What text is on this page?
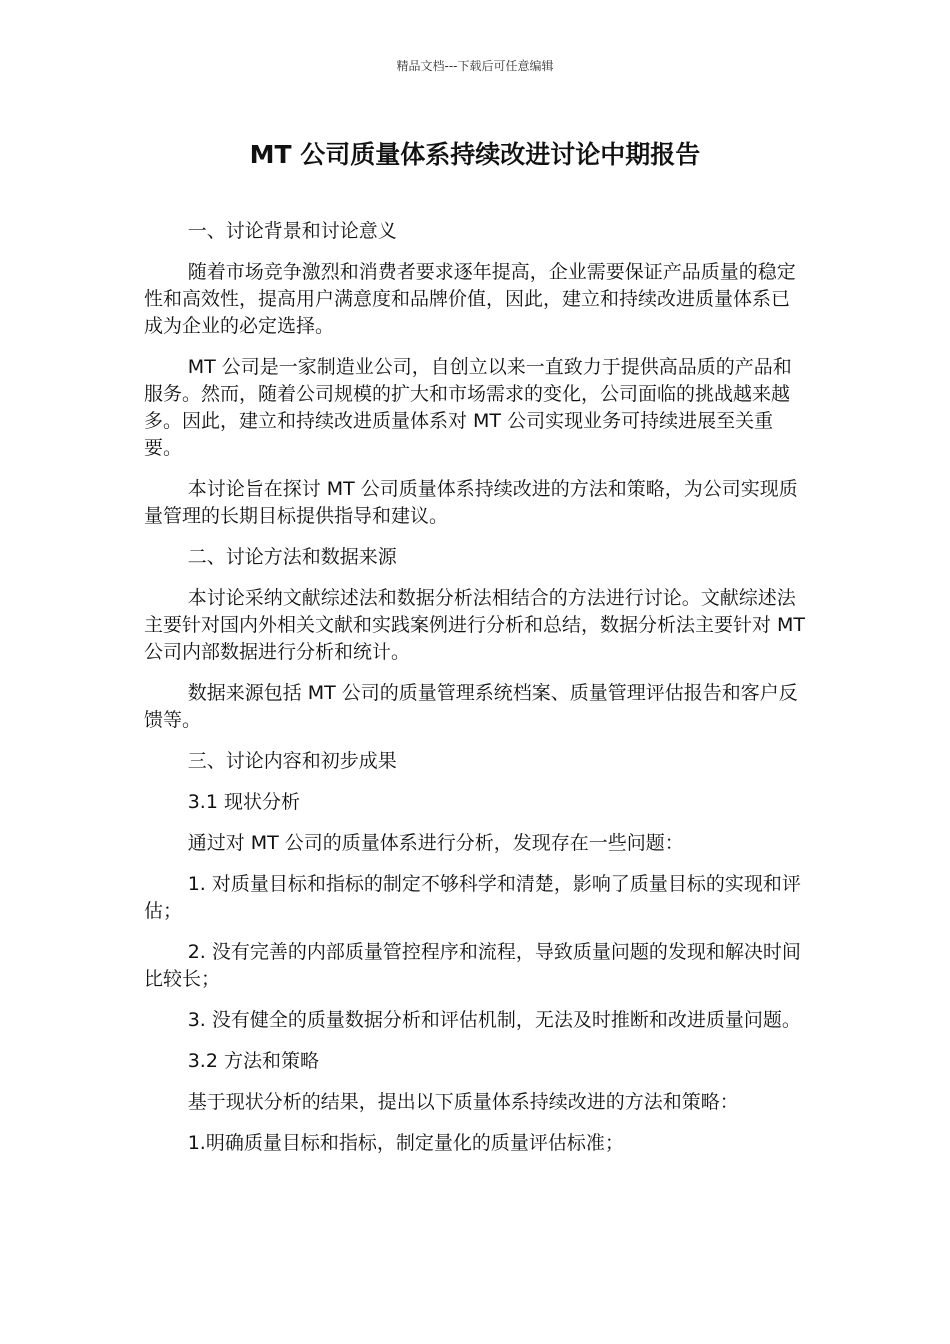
精品文档---下载后可任意编辑
MT 公司质量体系持续改进讨论中期报告

一、讨论背景和讨论意义

随着市场竞争激烈和消费者要求逐年提高，企业需要保证产品质量的稳定性和高效性，提高用户满意度和品牌价值，因此，建立和持续改进质量体系已成为企业的必定选择。

MT 公司是一家制造业公司，自创立以来一直致力于提供高品质的产品和服务。然而，随着公司规模的扩大和市场需求的变化，公司面临的挑战越来越多。因此，建立和持续改进质量体系对 MT 公司实现业务可持续进展至关重要。

本讨论旨在探讨 MT 公司质量体系持续改进的方法和策略，为公司实现质量管理的长期目标提供指导和建议。

二、讨论方法和数据来源

本讨论采纳文献综述法和数据分析法相结合的方法进行讨论。文献综述法主要针对国内外相关文献和实践案例进行分析和总结，数据分析法主要针对 MT 公司内部数据进行分析和统计。

数据来源包括 MT 公司的质量管理系统档案、质量管理评估报告和客户反馈等。

三、讨论内容和初步成果

3.1 现状分析

通过对 MT 公司的质量体系进行分析，发现存在一些问题：

1. 对质量目标和指标的制定不够科学和清楚，影响了质量目标的实现和评估；

2. 没有完善的内部质量管控程序和流程，导致质量问题的发现和解决时间比较长；

3. 没有健全的质量数据分析和评估机制，无法及时推断和改进质量问题。

3.2 方法和策略

基于现状分析的结果，提出以下质量体系持续改进的方法和策略：

1.明确质量目标和指标，制定量化的质量评估标准；
